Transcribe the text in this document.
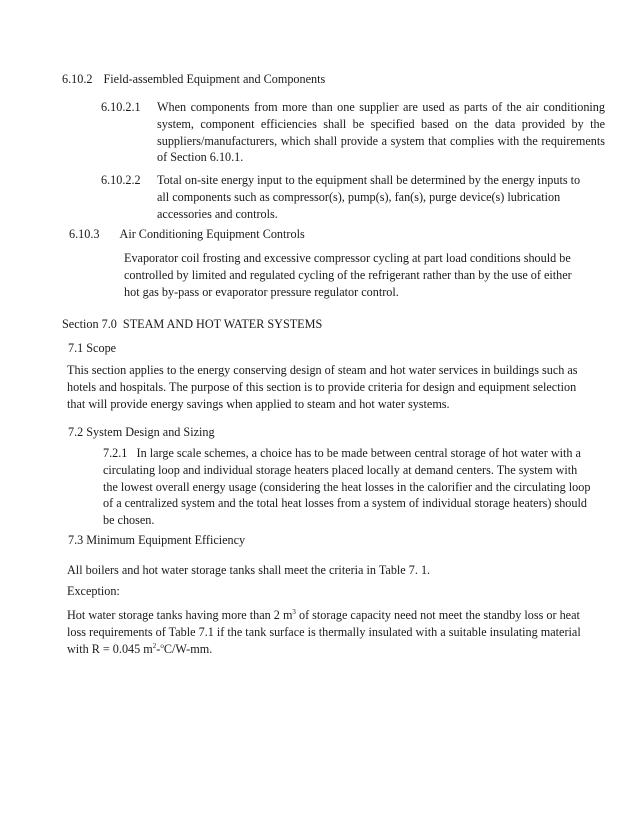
6.10.2 Field-assembled Equipment and Components
6.10.2.1 When components from more than one supplier are used as parts of the air conditioning system, component efficiencies shall be specified based on the data provided by the suppliers/manufacturers, which shall provide a system that complies with the requirements of Section 6.10.1.
6.10.2.2 Total on-site energy input to the equipment shall be determined by the energy inputs to
all components such as compressor(s), pump(s), fan(s), purge device(s) lubrication
accessories and controls.
6.10.3 Air Conditioning Equipment Controls
Evaporator coil frosting and excessive compressor cycling at part load conditions should be
controlled by limited and regulated cycling of the refrigerant rather than by the use of either
hot gas by-pass or evaporator pressure regulator control.
Section 7.0  STEAM AND HOT WATER SYSTEMS
7.1 Scope
This section applies to the energy conserving design of steam and hot water services in buildings such as
hotels and hospitals. The purpose of this section is to provide criteria for design and equipment selection
that will provide energy savings when applied to steam and hot water systems.
7.2 System Design and Sizing
7.2.1   In large scale schemes, a choice has to be made between central storage of hot water with a
circulating loop and individual storage heaters placed locally at demand centers. The system with
the lowest overall energy usage (considering the heat losses in the calorifier and the circulating loop
of a centralized system and the total heat losses from a system of individual storage heaters) should
be chosen.
7.3 Minimum Equipment Efficiency
All boilers and hot water storage tanks shall meet the criteria in Table 7. 1.
Exception:
Hot water storage tanks having more than 2 $m^3$ of storage capacity need not meet the standby loss or heat
loss requirements of Table 7.1 if the tank surface is thermally insulated with a suitable insulating material
with R = 0.045 $m^2-^oC/W-mm$.
